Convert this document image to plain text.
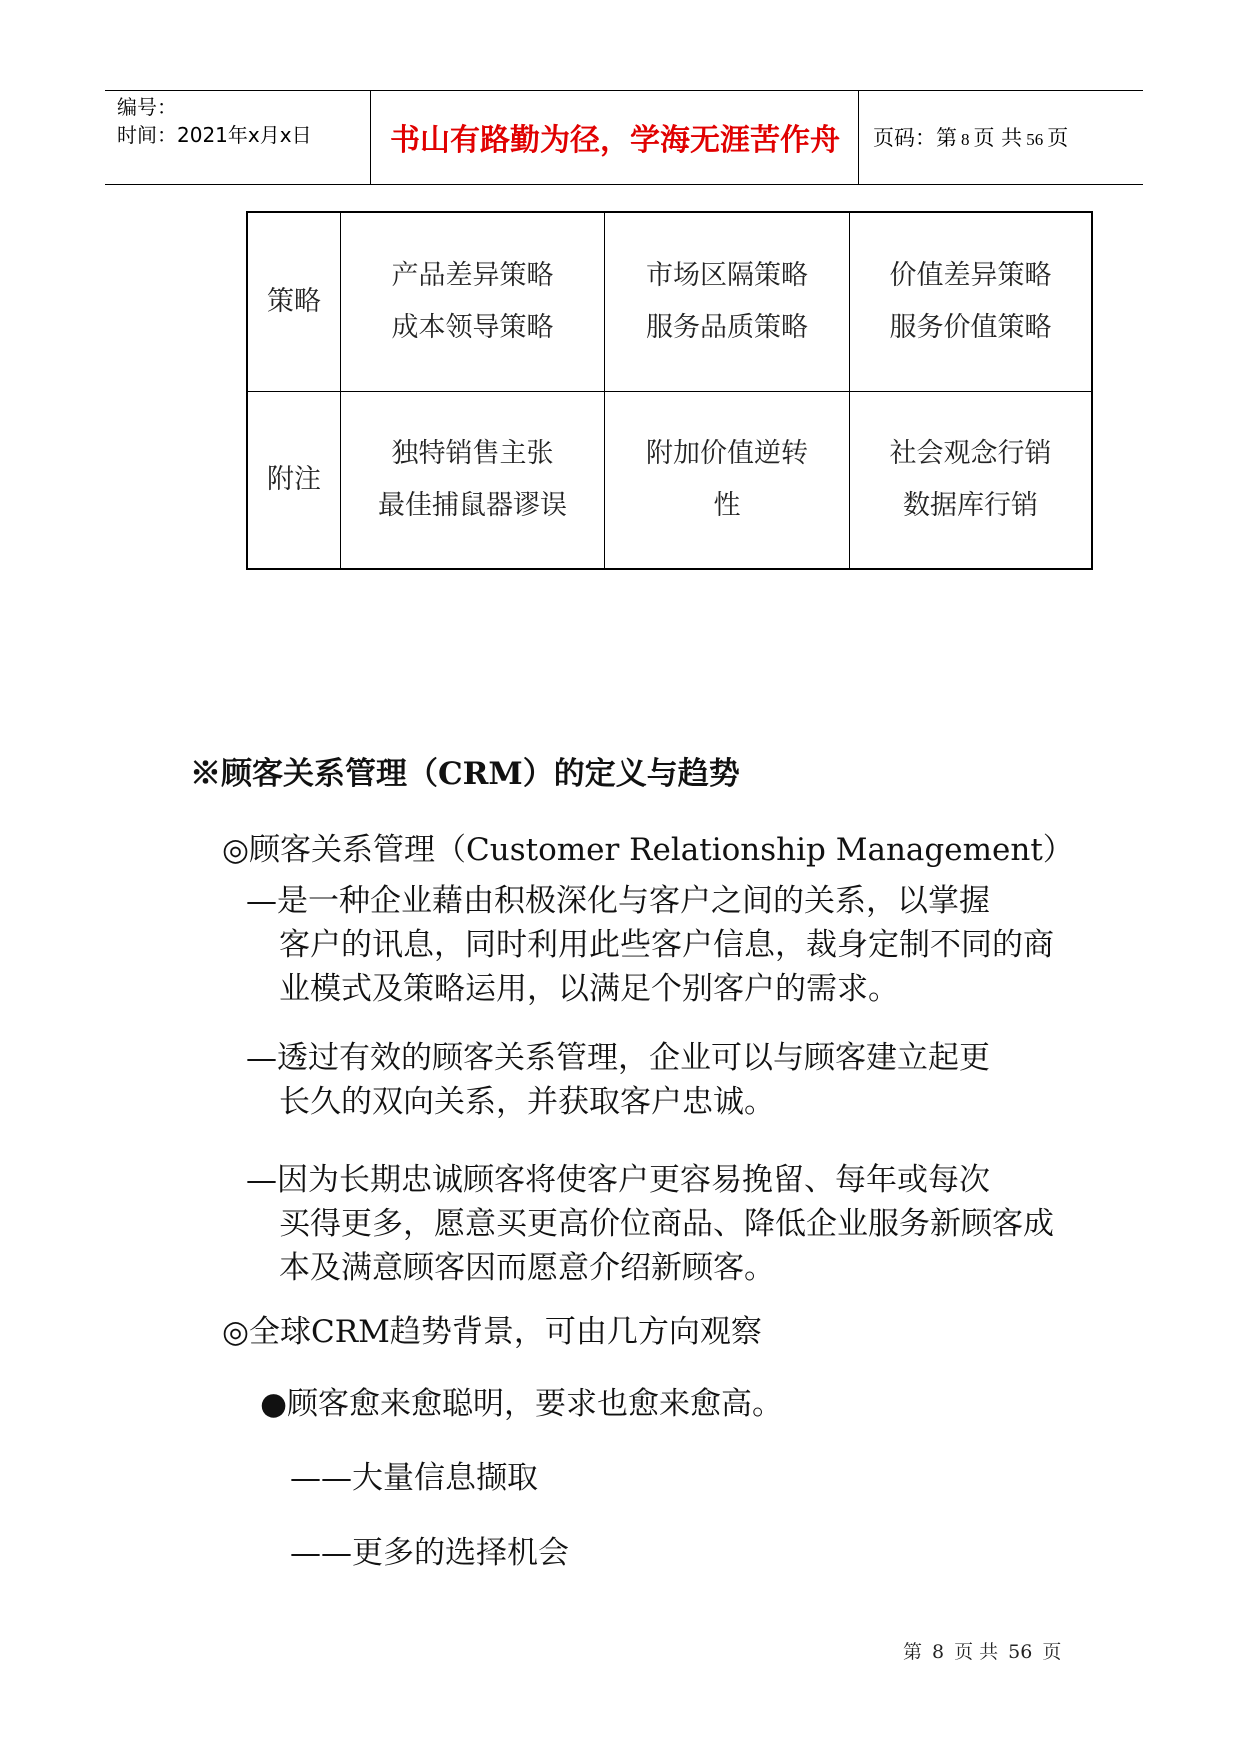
编号：
时间：2021年x月x日	书山有路勤为径，学海无涯苦作舟	页码：第 8 页 共 56 页
策略
产品差异策略
成本领导策略
市场区隔策略
服务品质策略
价值差异策略
服务价值策略
附注
独特销售主张
最佳捕鼠器谬误
附加价值逆转
性
社会观念行销
数据库行销
※顾客关系管理（CRM）的定义与趋势
◎顾客关系管理（Customer Relationship Management）
—是一种企业藉由积极深化与客户之间的关系，以掌握
客户的讯息，同时利用此些客户信息，裁身定制不同的商业模式及策略运用，以满足个别客户的需求。
—透过有效的顾客关系管理，企业可以与顾客建立起更
长久的双向关系，并获取客户忠诚。
—因为长期忠诚顾客将使客户更容易挽留、每年或每次
买得更多，愿意买更高价位商品、降低企业服务新顾客成本及满意顾客因而愿意介绍新顾客。
◎全球CRM趋势背景，可由几方向观察
●顾客愈来愈聪明，要求也愈来愈高。
——大量信息撷取
——更多的选择机会
第 8 页 共 56 页
